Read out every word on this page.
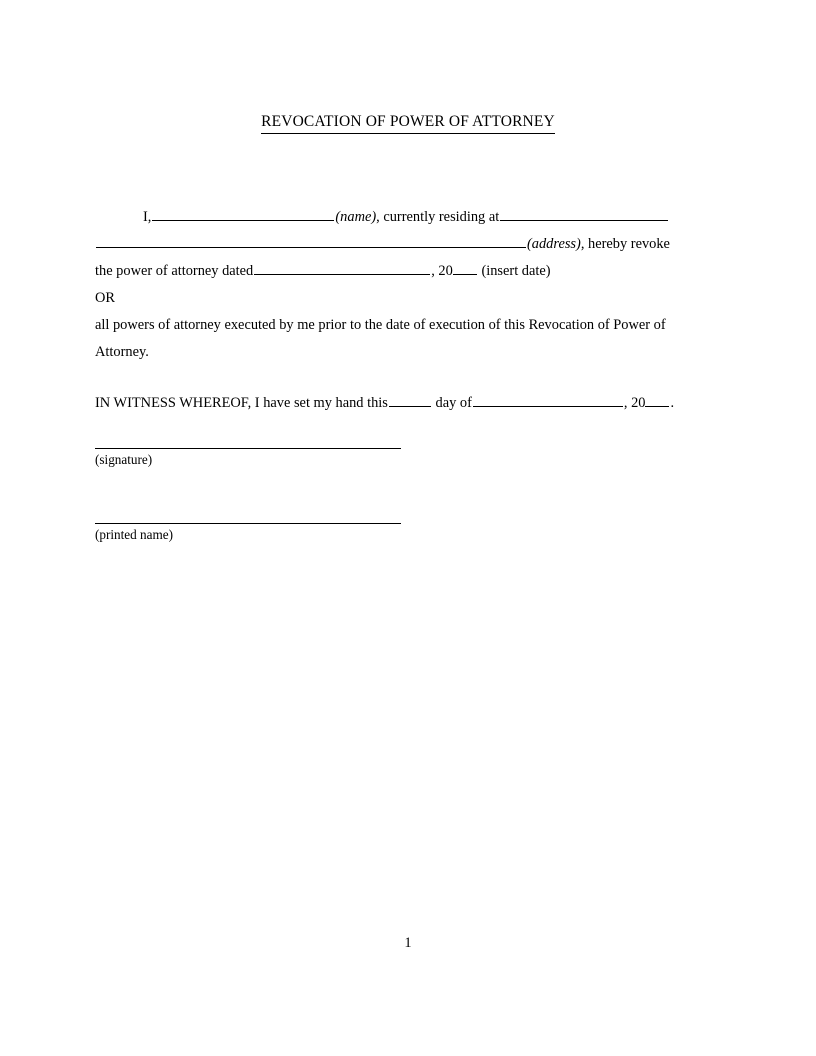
REVOCATION OF POWER OF ATTORNEY
I,	(name), currently residing at
(address), hereby revoke
the power of attorney dated	, 20 (insert date)
OR
all powers of attorney executed by me prior to the date of execution of this Revocation of Power of Attorney.
IN WITNESS WHEREOF, I have set my hand this	day of	, 20 .
(signature)
(printed name)
1
